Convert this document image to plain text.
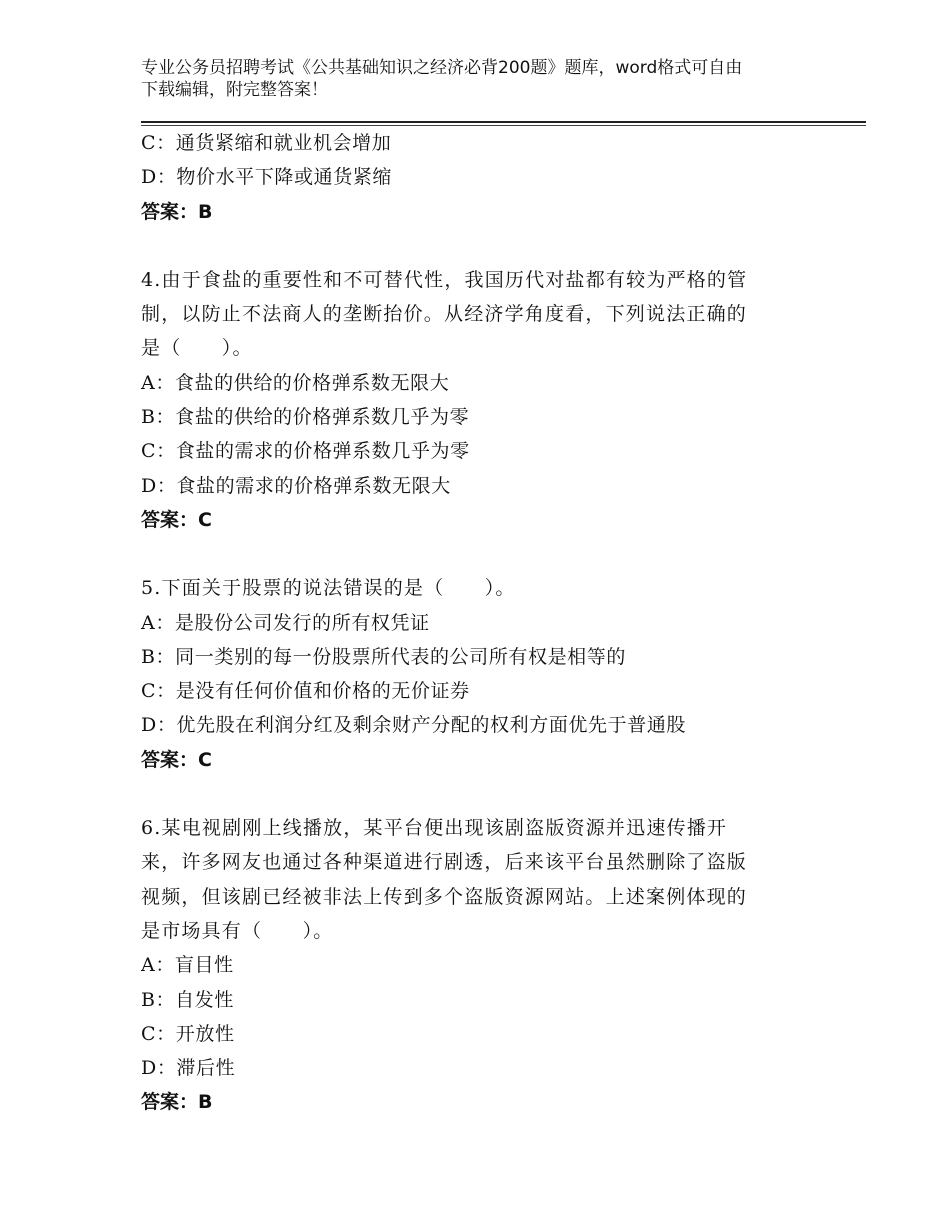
专业公务员招聘考试《公共基础知识之经济必背200题》题库，word格式可自由
下载编辑，附完整答案！
C：通货紧缩和就业机会增加
D：物价水平下降或通货紧缩
答案：B
4.由于食盐的重要性和不可替代性，我国历代对盐都有较为严格的管
制，以防止不法商人的垄断抬价。从经济学角度看，下列说法正确的
是（　　）。
A：食盐的供给的价格弹系数无限大
B：食盐的供给的价格弹系数几乎为零
C：食盐的需求的价格弹系数几乎为零
D：食盐的需求的价格弹系数无限大
答案：C
5.下面关于股票的说法错误的是（　　）。
A：是股份公司发行的所有权凭证
B：同一类别的每一份股票所代表的公司所有权是相等的
C：是没有任何价值和价格的无价证券
D：优先股在利润分红及剩余财产分配的权利方面优先于普通股
答案：C
6.某电视剧刚上线播放，某平台便出现该剧盗版资源并迅速传播开
来，许多网友也通过各种渠道进行剧透，后来该平台虽然删除了盗版
视频，但该剧已经被非法上传到多个盗版资源网站。上述案例体现的
是市场具有（　　）。
A：盲目性
B：自发性
C：开放性
D：滞后性
答案：B
